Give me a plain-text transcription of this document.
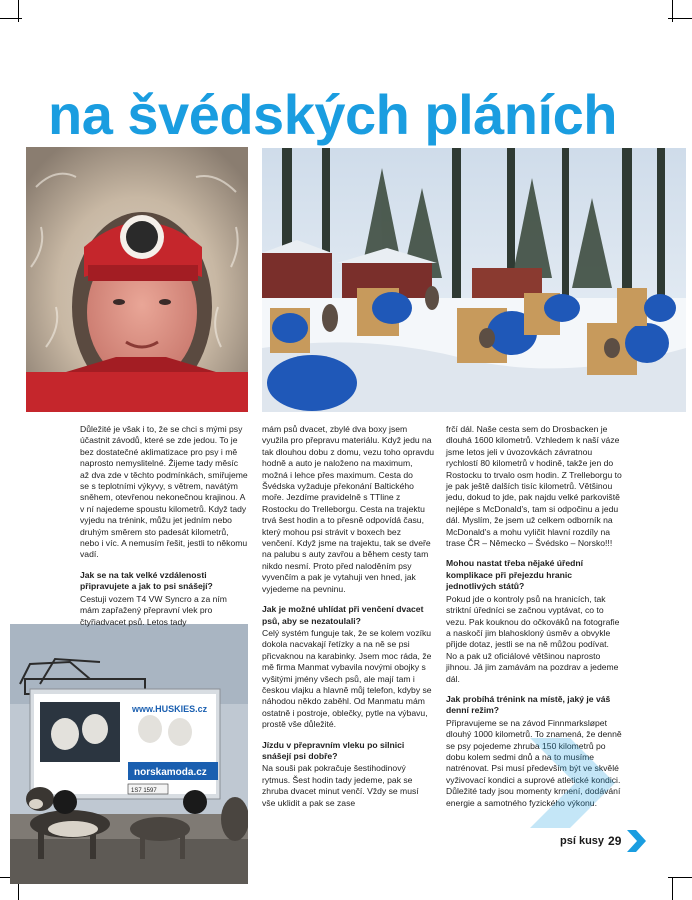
na švédských pláních
www.HUSKIES.cz
norskamoda.cz
1S7 1597

Důležité je však i to, že se chci s mými psy účastnit závodů, které se zde jedou. To je bez dostatečné aklimatizace pro psy i mě naprosto nemyslitelné. Žijeme tady měsíc až dva zde v těchto podmínkách, smiřujeme se s teplotními výkyvy, s větrem, navátým sněhem, otevřenou nekonečnou krajinou. A v ní najedeme spoustu kilometrů. Když tady vyjedu na trénink, můžu jet jedním nebo druhým směrem sto padesát kilometrů, nebo i víc. A nemusím řešit, jestli to někomu vadí.

Jak se na tak velké vzdálenosti připravujete a jak to psi snášejí?

Cestuji vozem T4 VW Syncro a za ním mám zapřažený přepravní vlek pro čtyřiadvacet psů. Letos tady

mám psů dvacet, zbylé dva boxy jsem využila pro přepravu materiálu. Když jedu na tak dlouhou dobu z domu, vezu toho opravdu hodně a auto je naloženo na maximum, možná i lehce přes maximum. Cesta do Švédska vyžaduje překonání Baltického moře. Jezdíme pravidelně s TTline z Rostocku do Trelleborgu. Cesta na trajektu trvá šest hodin a to přesně odpovídá času, který mohou psi strávit v boxech bez venčení. Když jsme na trajektu, tak se dveře na palubu s auty zavřou a během cesty tam nikdo nesmí. Proto před naloděním psy vyvenčím a pak je vytahuji ven hned, jak vyjedeme na pevninu.

Jak je možné uhlídat při venčení dvacet psů, aby se nezatoulali?

Celý systém funguje tak, že se kolem vozíku dokola nacvakají řetízky a na ně se psi přicvaknou na karabinky. Jsem moc ráda, že mě firma Manmat vybavila novými obojky s vyšitými jmény všech psů, ale mají tam i českou vlajku a hlavně můj telefon, kdyby se náhodou někdo zaběhl. Od Manmatu mám ostatně i postroje, oblečky, pytle na výbavu, prostě vše důležité.

Jízdu v přepravním vleku po silnici snášejí psi dobře?

Na souši pak pokračuje šestihodinový rytmus. Šest hodin tady jedeme, pak se zhruba dvacet minut venčí. Vždy se musí vše uklidit a pak se zase

frčí dál. Naše cesta sem do Drosbacken je dlouhá 1600 kilometrů. Vzhledem k naší váze jsme letos jeli v úvozovkách závratnou rychlostí 80 kilometrů v hodině, takže jen do Rostocku to trvalo osm hodin. Z Trelleborgu to je pak ještě dalších tisíc kilometrů. Většinou jedu, dokud to jde, pak najdu velké parkoviště nejlépe s McDonald's, tam si odpočinu a jedu dál. Myslím, že jsem už celkem odborník na McDonald's a mohu vyličit hlavní rozdíly na trase ČR – Německo – Švédsko – Norsko!!!

Mohou nastat třeba nějaké úřední komplikace při přejezdu hranic jednotlivých států?

Pokud jde o kontroly psů na hranicích, tak striktní úředníci se začnou vyptávat, co to vezu. Pak kouknou do očkováků na fotografie a naskočí jim blahoskloný úsměv a obvykle přijde dotaz, jestli se na ně můžou podívat. No a pak už oficiálové většinou naprosto jihnou. Já jim zamávám na pozdrav a jedeme dál.

Jak probíhá trénink na místě, jaký je váš denní režim?

Připravujeme se na závod Finnmarksløpet dlouhý 1000 kilometrů. To znamená, že denně se psy pojedeme zhruba 150 kilometrů po dobu kolem sedmi dnů a na to musíme natrénovat. Psi musí především být ve skvělé vyživovací kondici a suprové atletické kondici. Důležité tady jsou momenty krmení, dodávání energie a samotného fyzického výkonu.

psí kusy 29
